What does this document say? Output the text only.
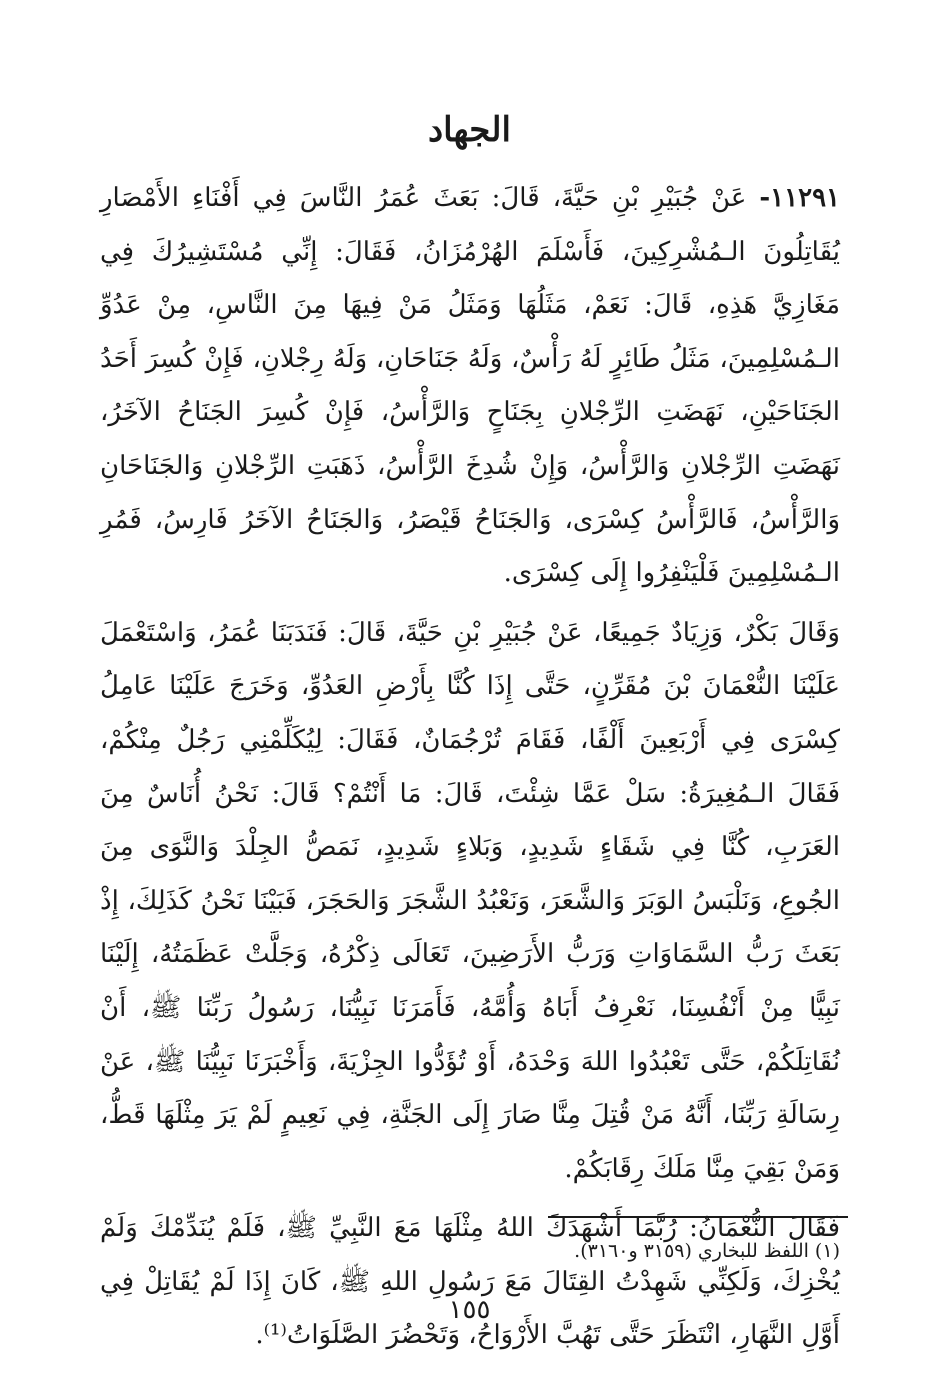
الجهاد

١١٢٩١- عَنْ جُبَيْرِ بْنِ حَيَّةَ، قَالَ: بَعَثَ عُمَرُ النَّاسَ فِي أَفْنَاءِ الأَمْصَارِ يُقَاتِلُونَ الـمُشْرِكِينَ، فَأَسْلَمَ الهُرْمُزَانُ، فَقَالَ: إِنِّي مُسْتَشِيرُكَ فِي مَغَازِيَّ هَذِهِ، قَالَ: نَعَمْ، مَثَلُهَا وَمَثَلُ مَنْ فِيهَا مِنَ النَّاسِ، مِنْ عَدُوِّ الـمُسْلِمِينَ، مَثَلُ طَائِرٍ لَهُ رَأْسٌ، وَلَهُ جَنَاحَانِ، وَلَهُ رِجْلانِ، فَإِنْ كُسِرَ أَحَدُ الجَنَاحَيْنِ، نَهَضَتِ الرِّجْلانِ بِجَنَاحٍ وَالرَّأْسُ، فَإِنْ كُسِرَ الجَنَاحُ الآخَرُ، نَهَضَتِ الرِّجْلانِ وَالرَّأْسُ، وَإِنْ شُدِخَ الرَّأْسُ، ذَهَبَتِ الرِّجْلانِ وَالجَنَاحَانِ وَالرَّأْسُ، فَالرَّأْسُ كِسْرَى، وَالجَنَاحُ قَيْصَرُ، وَالجَنَاحُ الآخَرُ فَارِسُ، فَمُرِ الـمُسْلِمِينَ فَلْيَنْفِرُوا إِلَى كِسْرَى.

وَقَالَ بَكْرٌ، وَزِيَادٌ جَمِيعًا، عَنْ جُبَيْرِ بْنِ حَيَّةَ، قَالَ: فَنَدَبَنَا عُمَرُ، وَاسْتَعْمَلَ عَلَيْنَا النُّعْمَانَ بْنَ مُقَرِّنٍ، حَتَّى إِذَا كُنَّا بِأَرْضِ العَدُوِّ، وَخَرَجَ عَلَيْنَا عَامِلُ كِسْرَى فِي أَرْبَعِينَ أَلْفًا، فَقَامَ تُرْجُمَانٌ، فَقَالَ: لِيُكَلِّمْنِي رَجُلٌ مِنْكُمْ، فَقَالَ الـمُغِيرَةُ: سَلْ عَمَّا شِئْتَ، قَالَ: مَا أَنْتُمْ؟ قَالَ: نَحْنُ أُنَاسٌ مِنَ العَرَبِ، كُنَّا فِي شَقَاءٍ شَدِيدٍ، وَبَلاءٍ شَدِيدٍ، نَمَصُّ الجِلْدَ وَالنَّوَى مِنَ الجُوعِ، وَنَلْبَسُ الوَبَرَ وَالشَّعَرَ، وَنَعْبُدُ الشَّجَرَ وَالحَجَرَ، فَبَيْنَا نَحْنُ كَذَلِكَ، إِذْ بَعَثَ رَبُّ السَّمَاوَاتِ وَرَبُّ الأَرَضِينَ، تَعَالَى ذِكْرُهُ، وَجَلَّتْ عَظَمَتُهُ، إِلَيْنَا نَبِيًّا مِنْ أَنْفُسِنَا، نَعْرِفُ أَبَاهُ وَأُمَّهُ، فَأَمَرَنَا نَبِيُّنَا، رَسُولُ رَبِّنَا ﷺ، أَنْ نُقَاتِلَكُمْ، حَتَّى تَعْبُدُوا اللهَ وَحْدَهُ، أَوْ تُؤَدُّوا الجِزْيَةَ، وَأَخْبَرَنَا نَبِيُّنَا ﷺ، عَنْ رِسَالَةِ رَبِّنَا، أَنَّهُ مَنْ قُتِلَ مِنَّا صَارَ إِلَى الجَنَّةِ، فِي نَعِيمٍ لَمْ يَرَ مِثْلَهَا قَطُّ، وَمَنْ بَقِيَ مِنَّا مَلَكَ رِقَابَكُمْ.

فَقَالَ النُّعْمَانُ: رُبَّمَا أَشْهَدَكَ اللهُ مِثْلَهَا مَعَ النَّبِيِّ ﷺ، فَلَمْ يُنَدِّمْكَ وَلَمْ يُخْزِكَ، وَلَكِنِّي شَهِدْتُ القِتَالَ مَعَ رَسُولِ اللهِ ﷺ، كَانَ إِذَا لَمْ يُقَاتِلْ فِي أَوَّلِ النَّهَارِ، انْتَظَرَ حَتَّى تَهُبَّ الأَرْوَاحُ، وَتَحْضُرَ الصَّلَوَاتُ⁽¹⁾.

(١) اللفظ للبخاري (٣١٥٩ و٣١٦٠).
١٥٥
